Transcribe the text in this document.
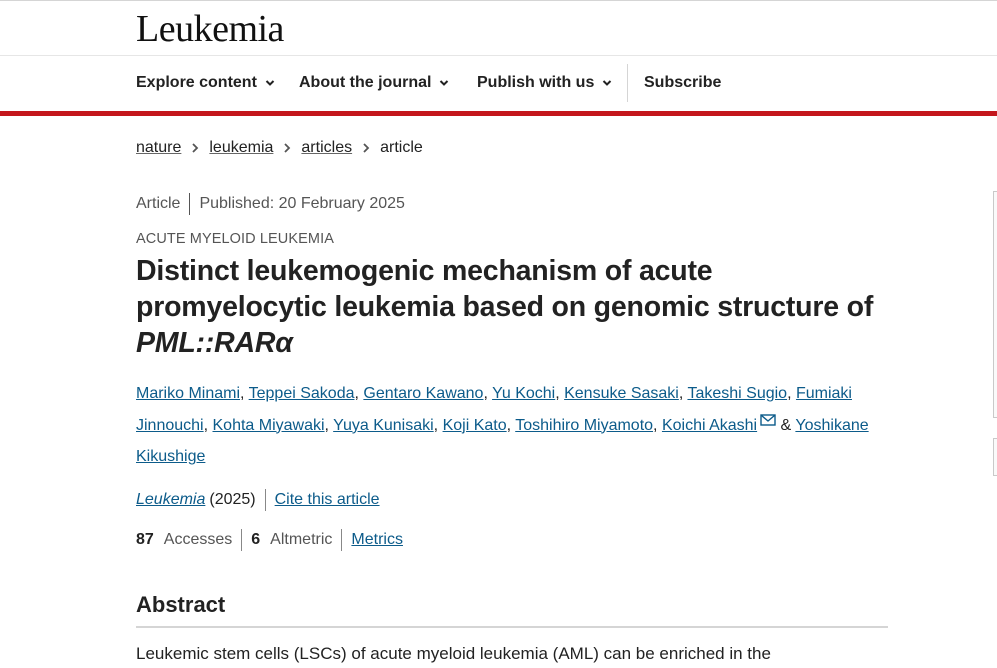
Leukemia
Explore content	About the journal	Publish with us	Subscribe
nature leukemia articles article
Article Published: 20 February 2025
ACUTE MYELOID LEUKEMIA
Distinct leukemogenic mechanism of acute promyelocytic leukemia based on genomic structure of PML::RARα
Mariko Minami, Teppei Sakoda, Gentaro Kawano, Yu Kochi, Kensuke Sasaki, Takeshi Sugio, Fumiaki Jinnouchi, Kohta Miyawaki, Yuya Kunisaki, Koji Kato, Toshihiro Miyamoto, Koichi Akashi & Yoshikane Kikushige
Leukemia (2025) Cite this article
87 Accesses 6 Altmetric Metrics
Abstract

Leukemic stem cells (LSCs) of acute myeloid leukemia (AML) can be enriched in the
